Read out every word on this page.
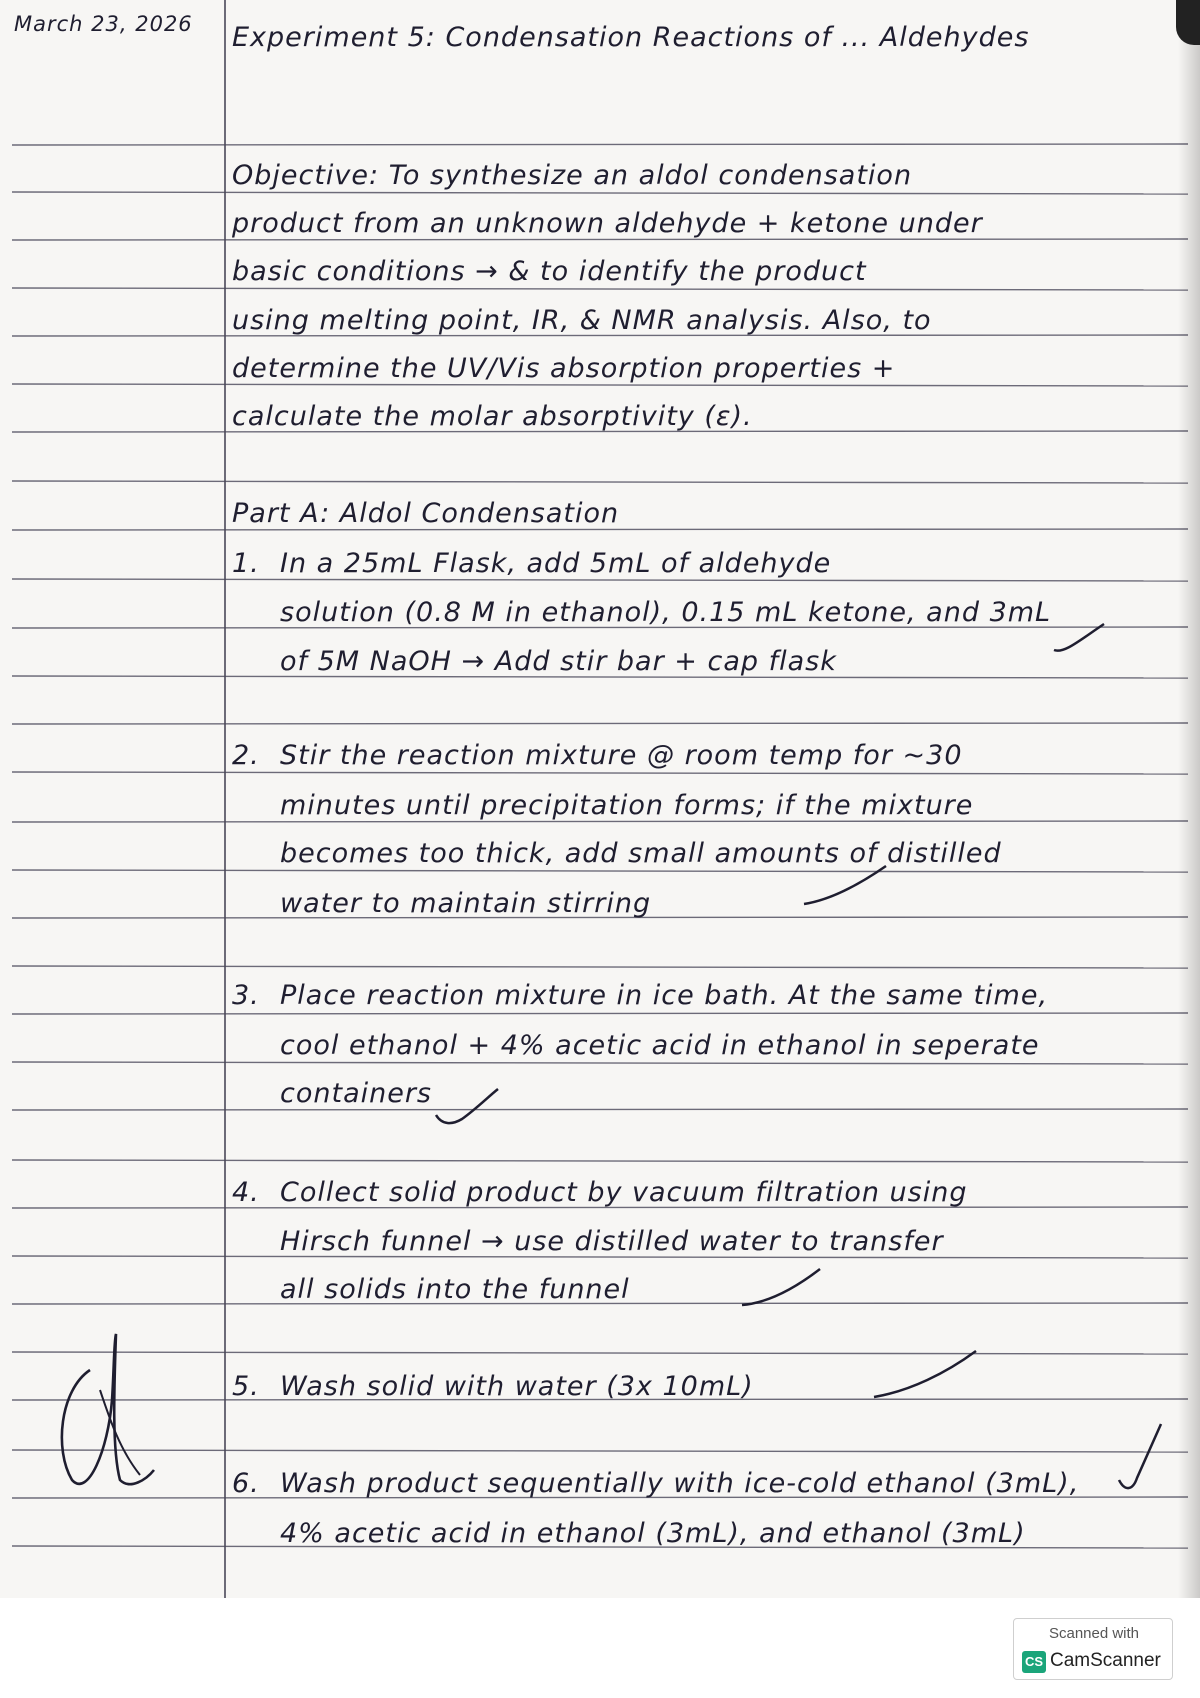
March 23, 2026 Experiment 5: Condensation Reactions of ... Aldehydes
Objective: To synthesize an aldol condensation
product from an unknown aldehyde + ketone under
basic conditions → & to identify the product
using melting point, IR, & NMR analysis. Also, to
determine the UV/Vis absorption properties +
calculate the molar absorptivity (ε).
Part A: Aldol Condensation
1. In a 25mL Flask, add 5mL of aldehyde
solution (0.8 M in ethanol), 0.15 mL ketone, and 3mL
of 5M NaOH → Add stir bar + cap flask
2. Stir the reaction mixture @ room temp for ~30
minutes until precipitation forms; if the mixture
becomes too thick, add small amounts of distilled
water to maintain stirring
3. Place reaction mixture in ice bath. At the same time,
cool ethanol + 4% acetic acid in ethanol in seperate
containers
4. Collect solid product by vacuum filtration using
Hirsch funnel → use distilled water to transfer
all solids into the funnel
5. Wash solid with water (3x 10mL)
6. Wash product sequentially with ice-cold ethanol (3mL),
4% acetic acid in ethanol (3mL), and ethanol (3mL)
Scanned with
CS CamScanner
